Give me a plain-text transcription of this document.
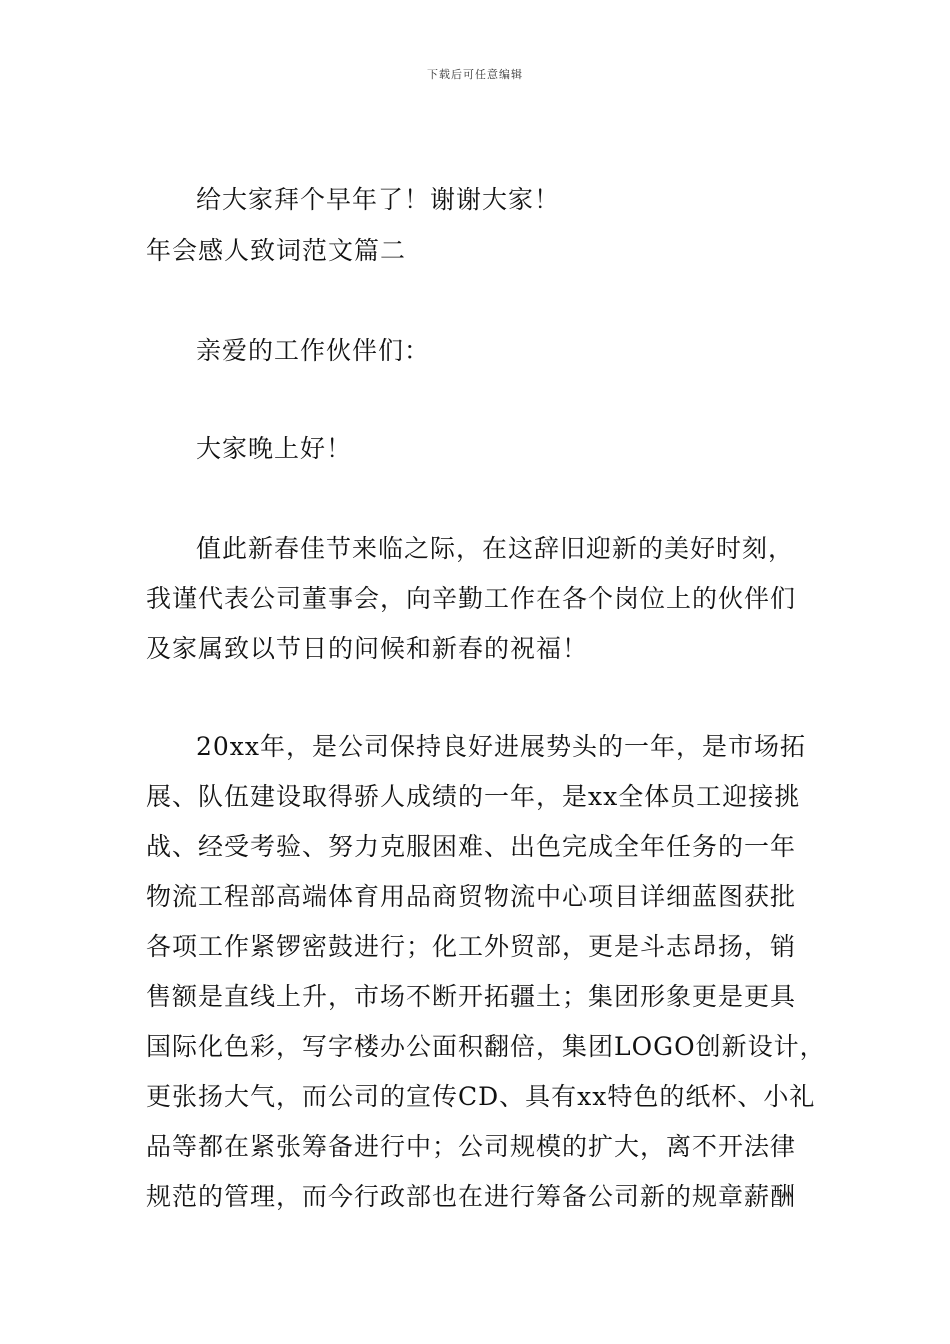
下载后可任意编辑
给大家拜个早年了！谢谢大家！
年会感人致词范文篇二
亲爱的工作伙伴们：
大家晚上好！
值此新春佳节来临之际，在这辞旧迎新的美好时刻，
我谨代表公司董事会，向辛勤工作在各个岗位上的伙伴们
及家属致以节日的问候和新春的祝福！
20xx年，是公司保持良好进展势头的一年，是市场拓
展、队伍建设取得骄人成绩的一年，是xx全体员工迎接挑
战、经受考验、努力克服困难、出色完成全年任务的一年
物流工程部高端体育用品商贸物流中心项目详细蓝图获批
各项工作紧锣密鼓进行；化工外贸部，更是斗志昂扬，销
售额是直线上升，市场不断开拓疆土；集团形象更是更具
国际化色彩，写字楼办公面积翻倍，集团LOGO创新设计，
更张扬大气，而公司的宣传CD、具有xx特色的纸杯、小礼
品等都在紧张筹备进行中；公司规模的扩大，离不开法律
规范的管理，而今行政部也在进行筹备公司新的规章薪酬
